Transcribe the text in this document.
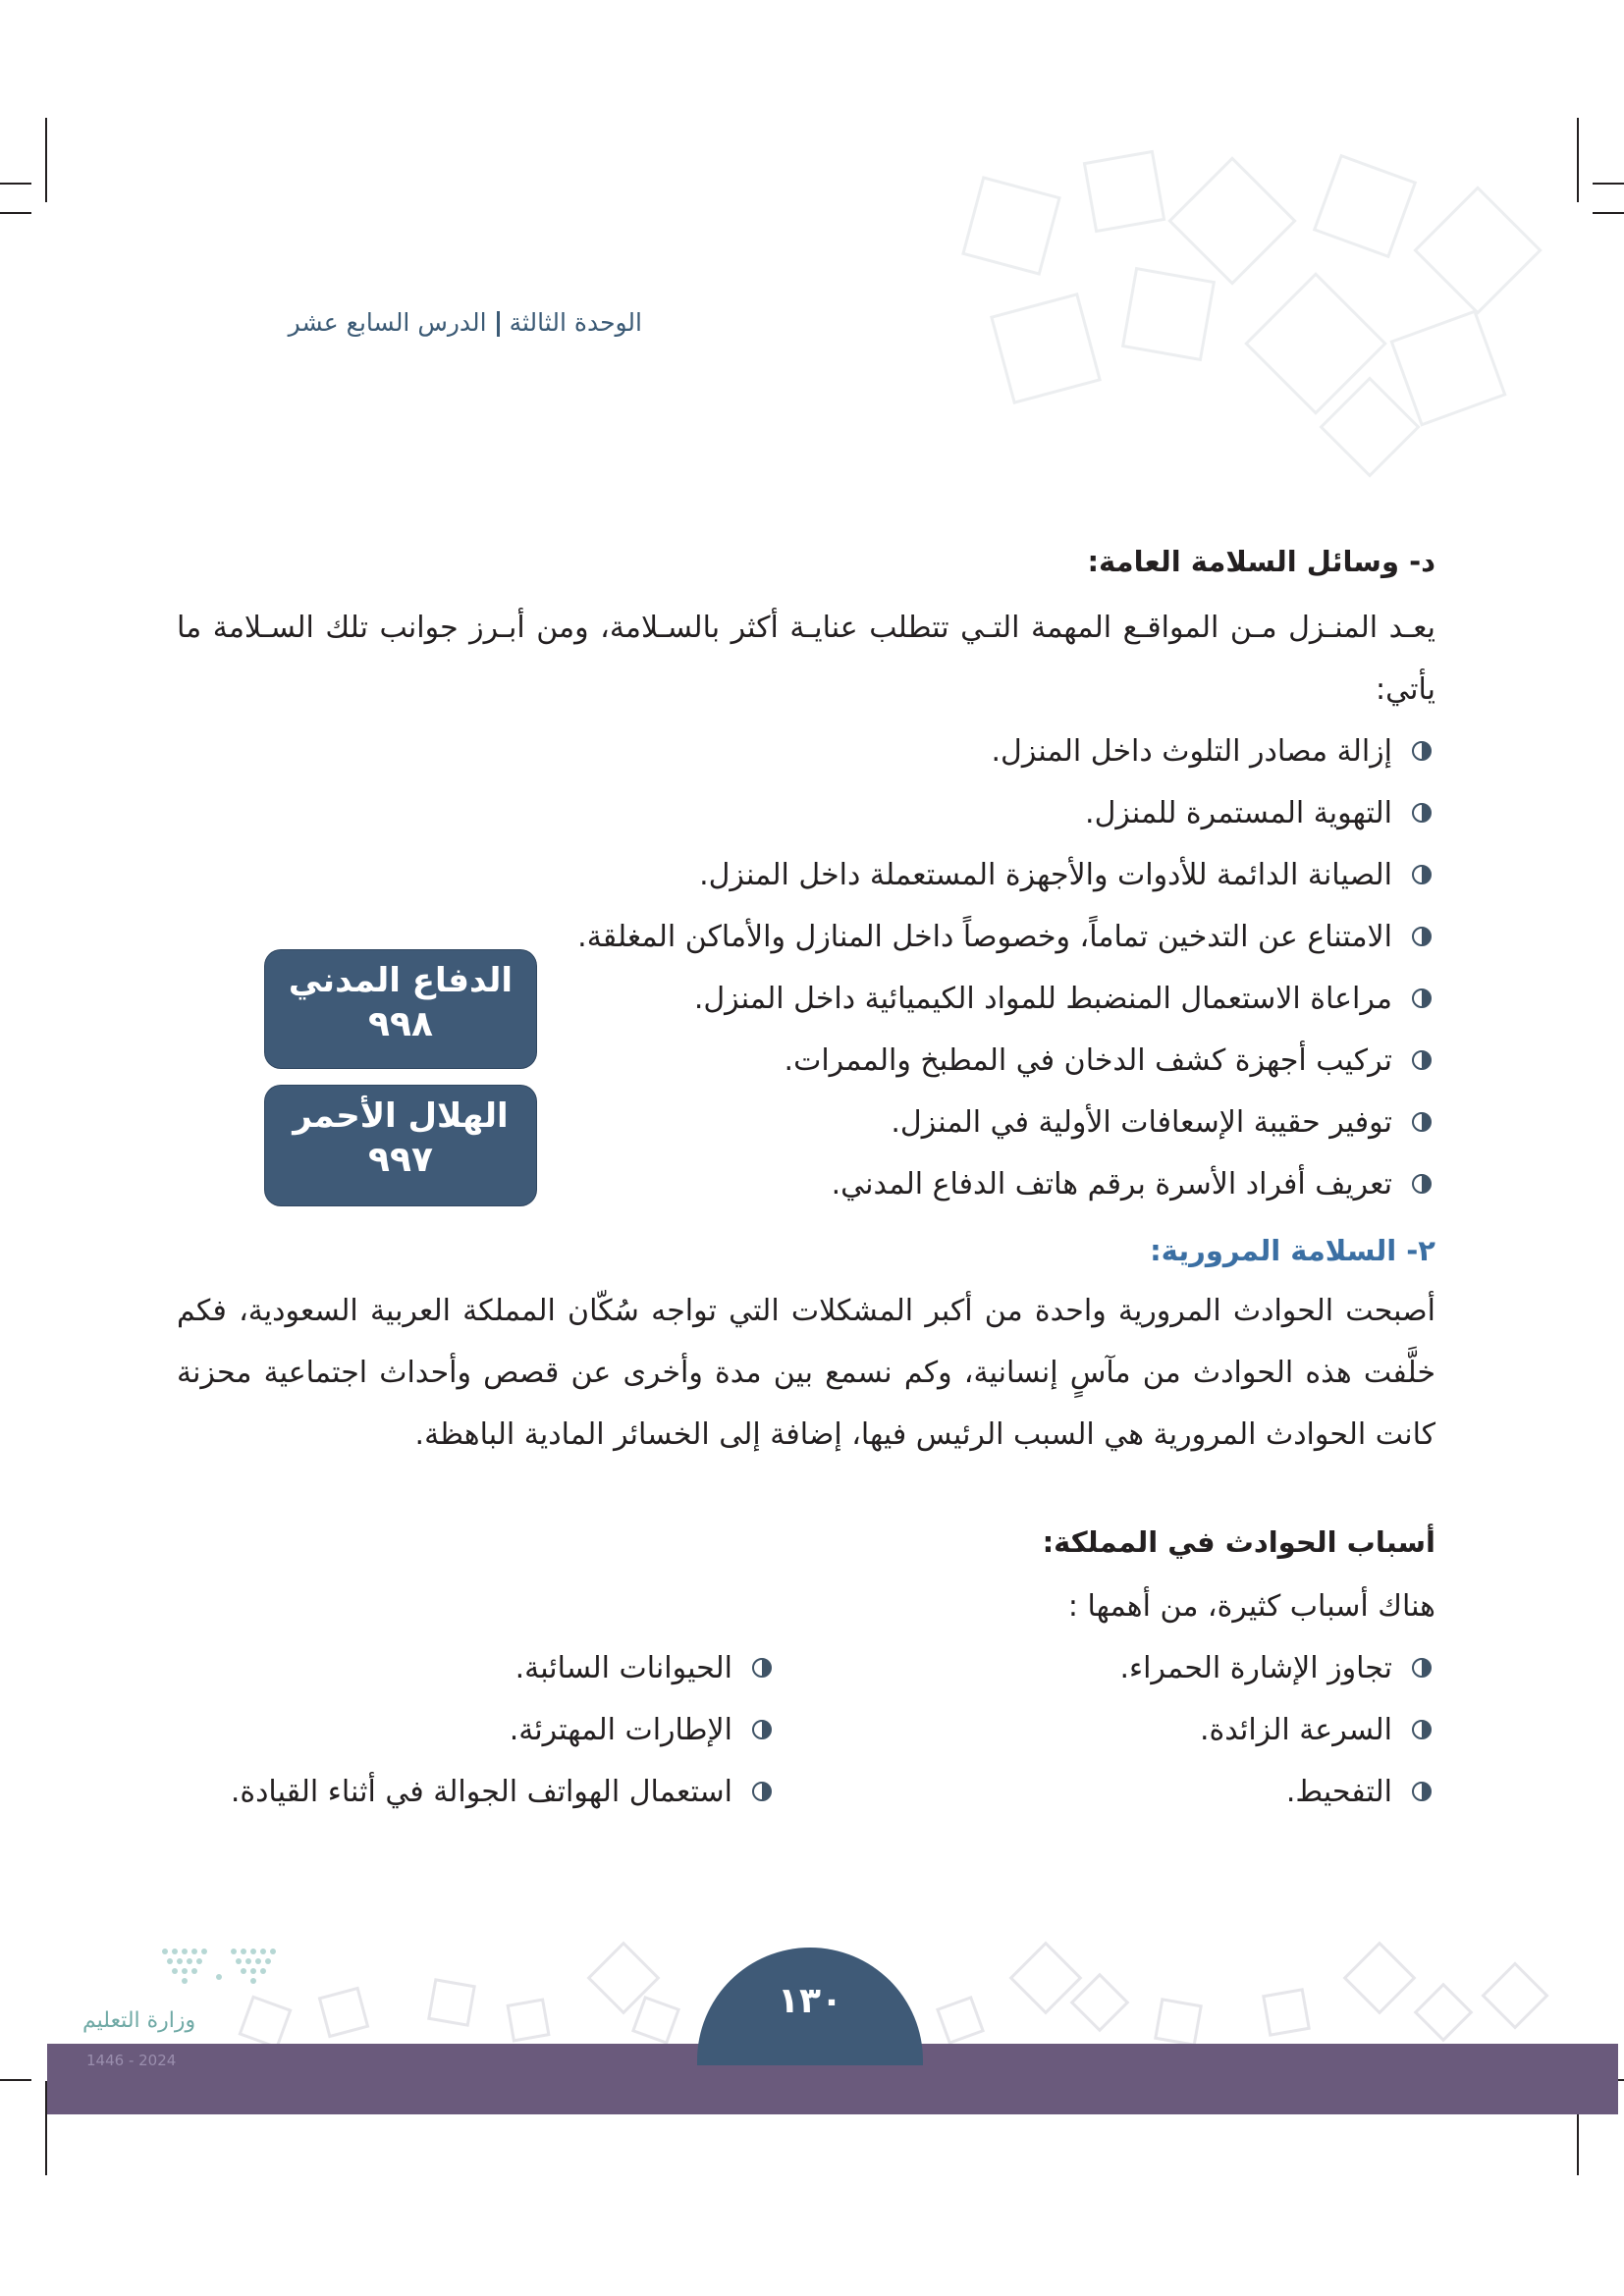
الوحدة الثالثةالدرس السابع عشر

د- وسائل السلامة العامة:

يعـد المنـزل مـن المواقـع المهمة التـي تتطلب عنايـة أكثر بالسـلامة، ومن أبـرز جوانب تلك السـلامة ما يأتي:

إزالة مصادر التلوث داخل المنزل.
التهوية المستمرة للمنزل.
الصيانة الدائمة للأدوات والأجهزة المستعملة داخل المنزل.
الامتناع عن التدخين تماماً، وخصوصاً داخل المنازل والأماكن المغلقة.
مراعاة الاستعمال المنضبط للمواد الكيميائية داخل المنزل.
تركيب أجهزة كشف الدخان في المطبخ والممرات.
توفير حقيبة الإسعافات الأولية في المنزل.
تعريف أفراد الأسرة برقم هاتف الدفاع المدني.

٢- السلامة المرورية:

أصبحت الحوادث المرورية واحدة من أكبر المشكلات التي تواجه سُكّان المملكة العربية السعودية، فكم خلَّفت هذه الحوادث من مآسٍ إنسانية، وكم نسمع بين مدة وأخرى عن قصص وأحداث اجتماعية محزنة كانت الحوادث المرورية هي السبب الرئيس فيها، إضافة إلى الخسائر المادية الباهظة.

أسباب الحوادث في المملكة:

هناك أسباب كثيرة، من أهمها :

تجاوز الإشارة الحمراء.
السرعة الزائدة.
التفحيط.
الحيوانات السائبة.
الإطارات المهترئة.
استعمال الهواتف الجوالة في أثناء القيادة.
الدفاع المدني
٩٩٨
الهلال الأحمر
٩٩٧
١٣٠
وزارة التعليم
2024 - 1446
